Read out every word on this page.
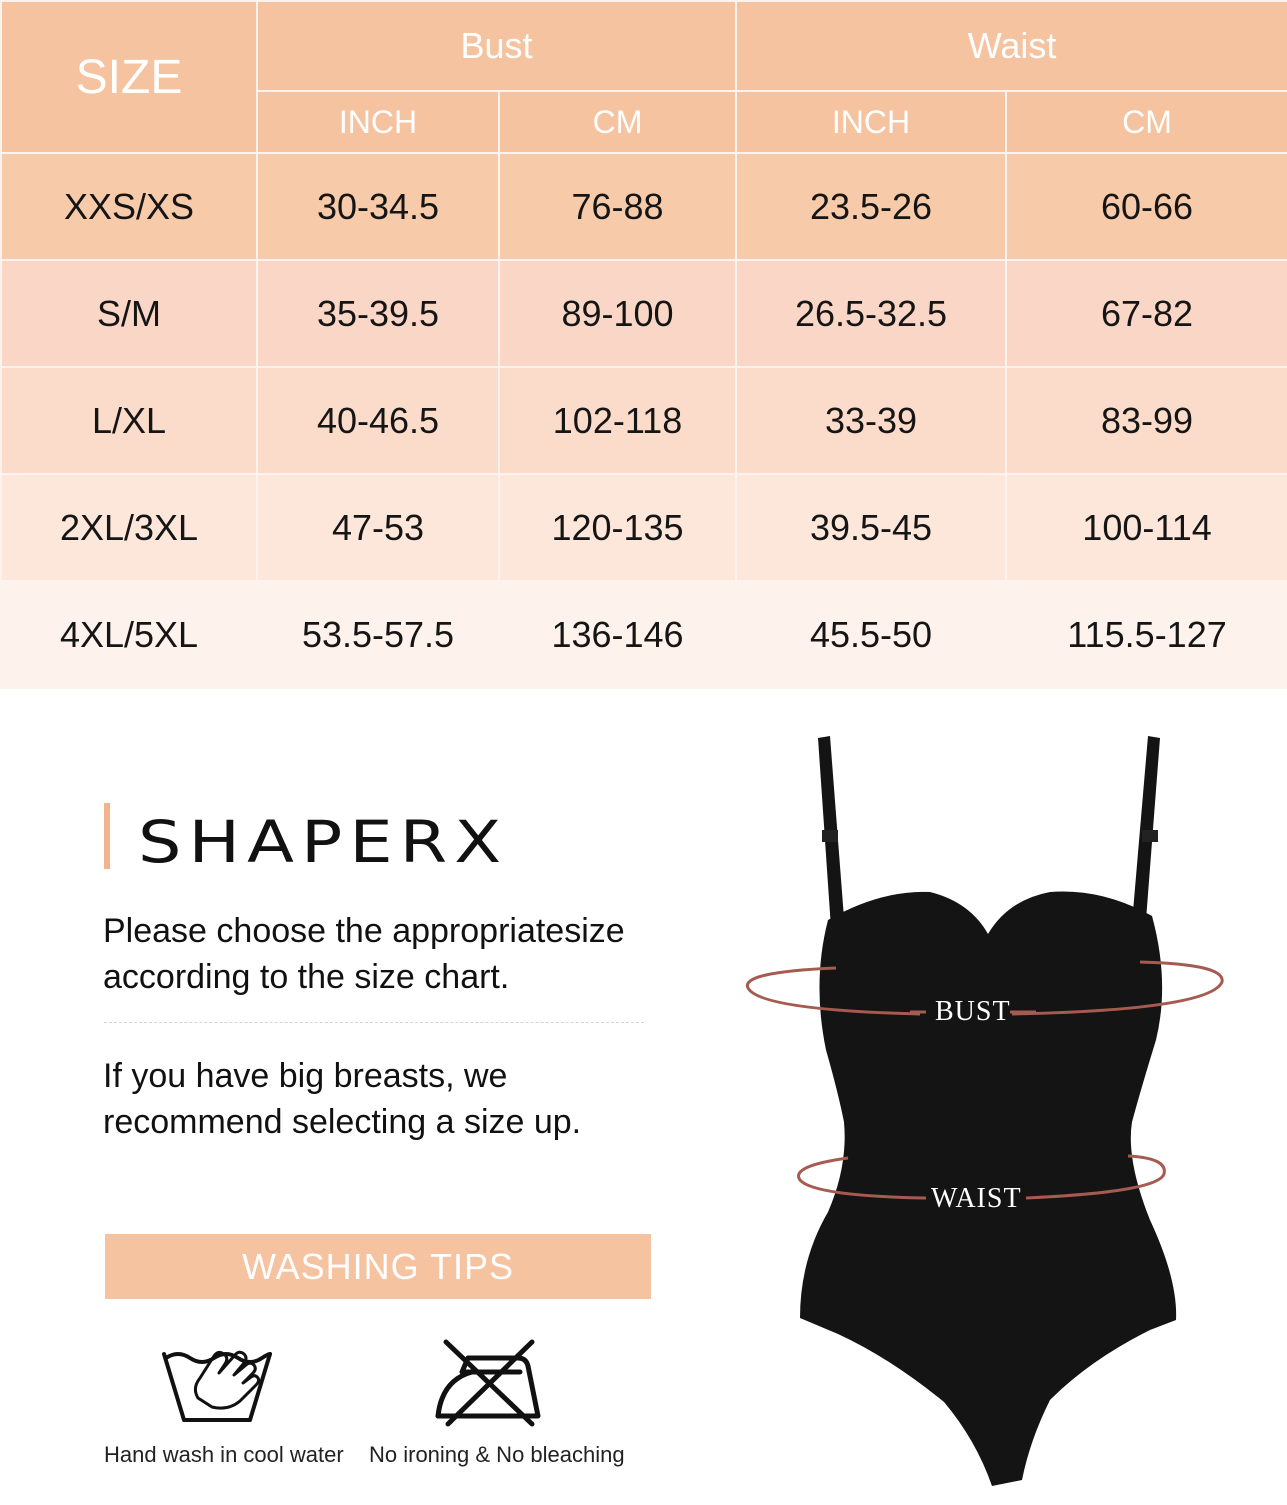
SIZE	Bust		Waist	
	INCH	CM	INCH	CM
XXS/XS	30-34.5	76-88	23.5-26	60-66
S/M	35-39.5	89-100	26.5-32.5	67-82
L/XL	40-46.5	102-118	33-39	83-99
2XL/3XL	47-53	120-135	39.5-45	100-114
4XL/5XL	53.5-57.5	136-146	45.5-50	115.5-127
SHAPERX
Please choose the appropriatesize according to the size chart.
If you have big breasts, we recommend selecting a size up.
WASHING TIPS
Hand wash in cool water No ironing & No bleaching
BUST
WAIST
